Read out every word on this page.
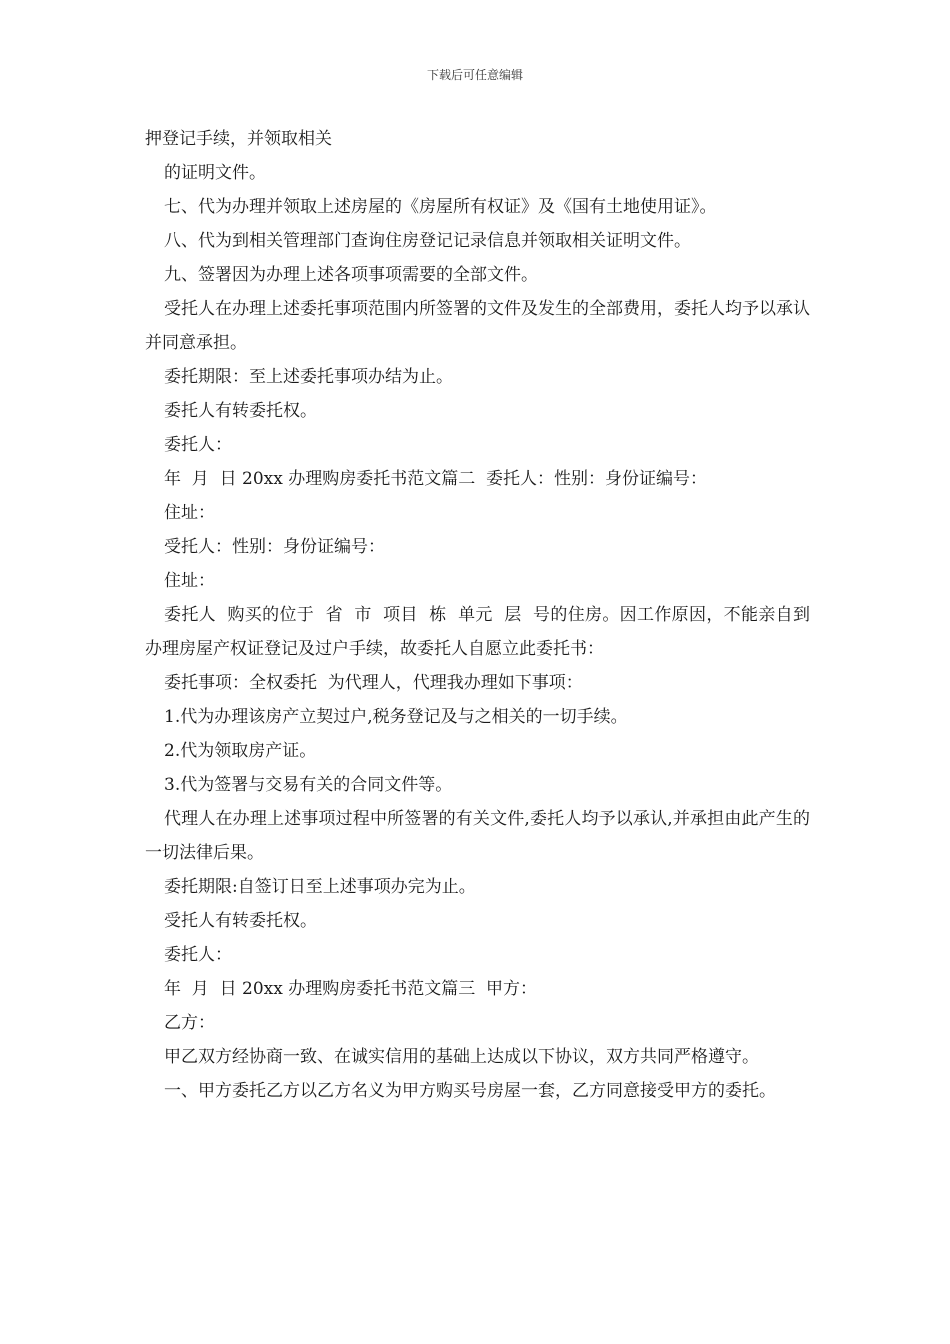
下载后可任意编辑

押登记手续，并领取相关

的证明文件。

七、代为办理并领取上述房屋的《房屋所有权证》及《国有土地使用证》。

八、代为到相关管理部门查询住房登记记录信息并领取相关证明文件。

九、签署因为办理上述各项事项需要的全部文件。

受托人在办理上述委托事项范围内所签署的文件及发生的全部费用，委托人均予以承认并同意承担。

委托期限：至上述委托事项办结为止。

委托人有转委托权。

委托人：

年  月  日 20xx 办理购房委托书范文篇二  委托人：性别：身份证编号：

住址：

受托人：性别：身份证编号：

住址：

委托人  购买的位于  省  市  项目  栋  单元  层  号的住房。因工作原因，不能亲自到  办理房屋产权证登记及过户手续，故委托人自愿立此委托书：

委托事项：全权委托  为代理人，代理我办理如下事项：

1.代为办理该房产立契过户,税务登记及与之相关的一切手续。

2.代为领取房产证。

3.代为签署与交易有关的合同文件等。

代理人在办理上述事项过程中所签署的有关文件,委托人均予以承认,并承担由此产生的一切法律后果。

委托期限:自签订日至上述事项办完为止。

受托人有转委托权。

委托人：

年  月  日 20xx 办理购房委托书范文篇三  甲方：

乙方：

甲乙双方经协商一致、在诚实信用的基础上达成以下协议，双方共同严格遵守。

一、甲方委托乙方以乙方名义为甲方购买号房屋一套，乙方同意接受甲方的委托。
